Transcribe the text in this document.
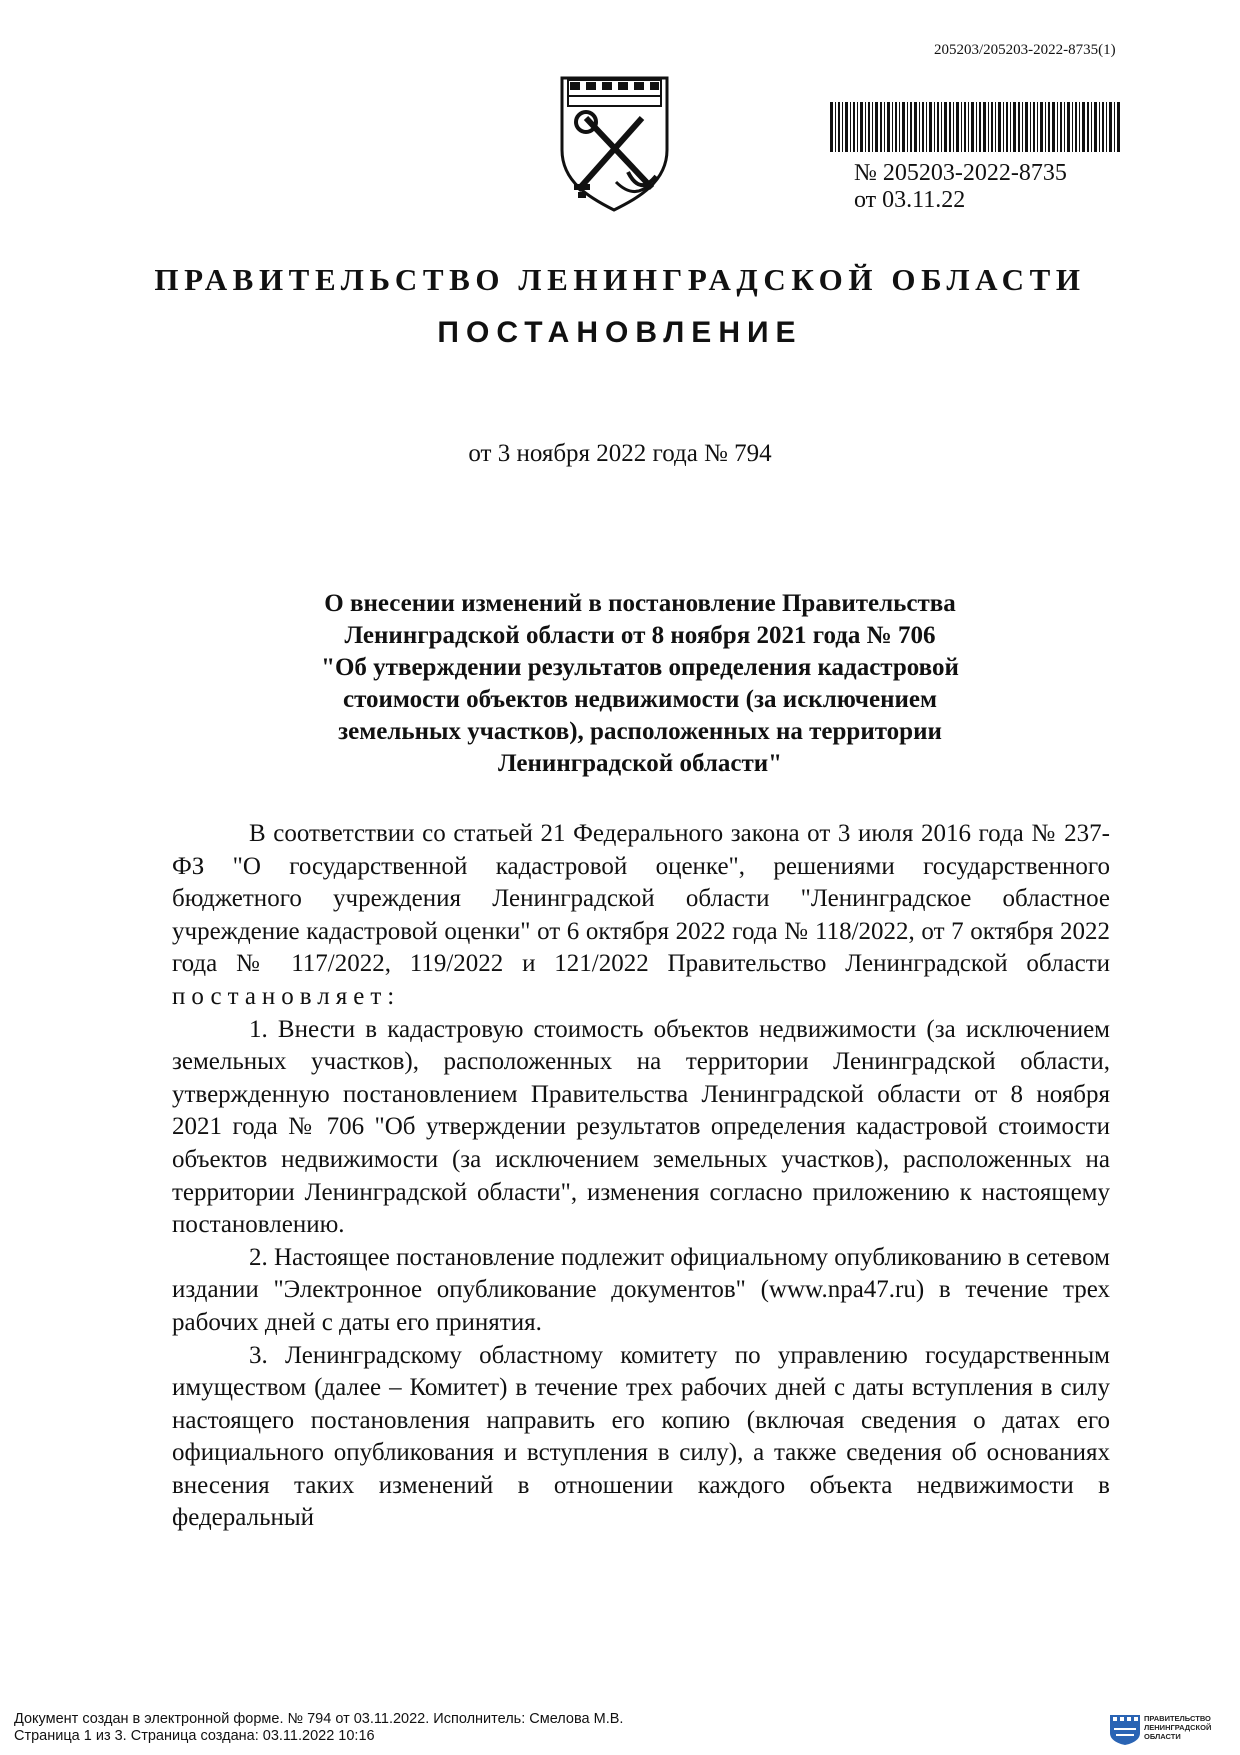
205203/205203-2022-8735(1)
№ 205203-2022-8735
от 03.11.22
ПРАВИТЕЛЬСТВО ЛЕНИНГРАДСКОЙ ОБЛАСТИ
ПОСТАНОВЛЕНИЕ
от 3 ноября 2022 года № 794
О внесении изменений в постановление Правительства
Ленинградской области от 8 ноября 2021 года № 706
"Об утверждении результатов определения кадастровой
стоимости объектов недвижимости (за исключением
земельных участков), расположенных на территории
Ленинградской области"

В соответствии со статьей 21 Федерального закона от 3 июля 2016 года № 237-ФЗ "О государственной кадастровой оценке", решениями государственного бюджетного учреждения Ленинградской области "Ленинградское областное учреждение кадастровой оценки" от 6 октября 2022 года № 118/2022, от 7 октября 2022 года № 117/2022, 119/2022 и 121/2022 Правительство Ленинградской области постановляет:

1. Внести в кадастровую стоимость объектов недвижимости (за исключением земельных участков), расположенных на территории Ленинградской области, утвержденную постановлением Правительства Ленинградской области от 8 ноября 2021 года № 706 "Об утверждении результатов определения кадастровой стоимости объектов недвижимости (за исключением земельных участков), расположенных на территории Ленинградской области", изменения согласно приложению к настоящему постановлению.

2. Настоящее постановление подлежит официальному опубликованию в сетевом издании "Электронное опубликование документов" (www.npa47.ru) в течение трех рабочих дней с даты его принятия.

3. Ленинградскому областному комитету по управлению государственным имуществом (далее – Комитет) в течение трех рабочих дней с даты вступления в силу настоящего постановления направить его копию (включая сведения о датах его официального опубликования и вступления в силу), а также сведения об основаниях внесения таких изменений в отношении каждого объекта недвижимости в федеральный

Документ создан в электронной форме. № 794 от 03.11.2022. Исполнитель: Смелова М.В.
Страница 1 из 3. Страница создана: 03.11.2022 10:16
ПРАВИТЕЛЬСТВО
ЛЕНИНГРАДСКОЙ
ОБЛАСТИ
